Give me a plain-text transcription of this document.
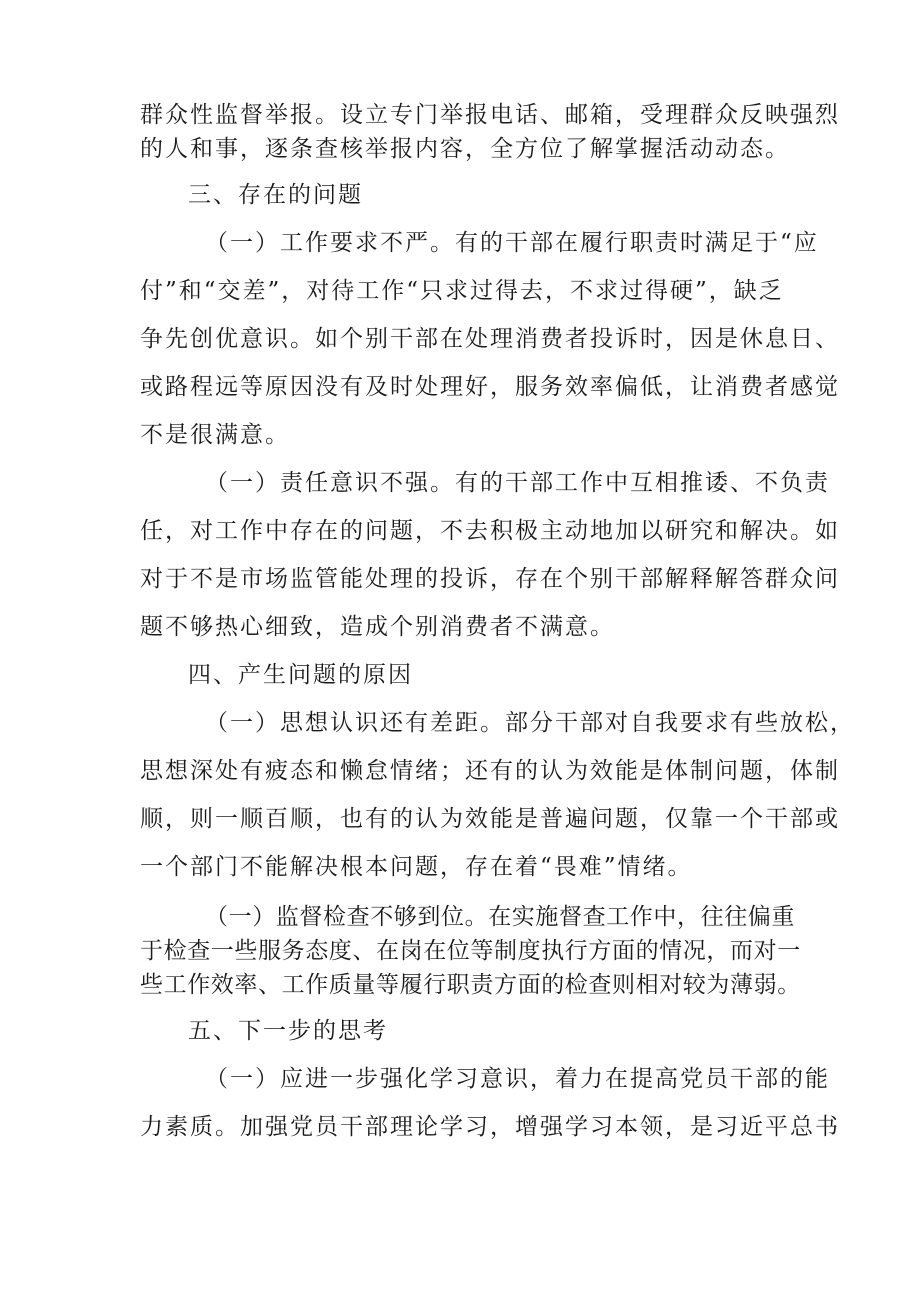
群众性监督举报。设立专门举报电话、邮箱，受理群众反映强烈
的人和事，逐条查核举报内容，全方位了解掌握活动动态。
三、存在的问题
（一）工作要求不严。有的干部在履行职责时满足于“应
付”和“交差”，对待工作“只求过得去，不求过得硬”，缺乏
争先创优意识。如个别干部在处理消费者投诉时，因是休息日、
或路程远等原因没有及时处理好，服务效率偏低，让消费者感觉
不是很满意。
（一）责任意识不强。有的干部工作中互相推诿、不负责
任，对工作中存在的问题，不去积极主动地加以研究和解决。如
对于不是市场监管能处理的投诉，存在个别干部解释解答群众问
题不够热心细致，造成个别消费者不满意。
四、产生问题的原因
（一）思想认识还有差距。部分干部对自我要求有些放松，
思想深处有疲态和懒怠情绪；还有的认为效能是体制问题，体制
顺，则一顺百顺，也有的认为效能是普遍问题，仅靠一个干部或
一个部门不能解决根本问题，存在着“畏难”情绪。
（一）监督检查不够到位。在实施督查工作中，往往偏重
于检查一些服务态度、在岗在位等制度执行方面的情况，而对一
些工作效率、工作质量等履行职责方面的检查则相对较为薄弱。
五、下一步的思考
（一）应进一步强化学习意识，着力在提高党员干部的能
力素质。加强党员干部理论学习，增强学习本领，是习近平总书
